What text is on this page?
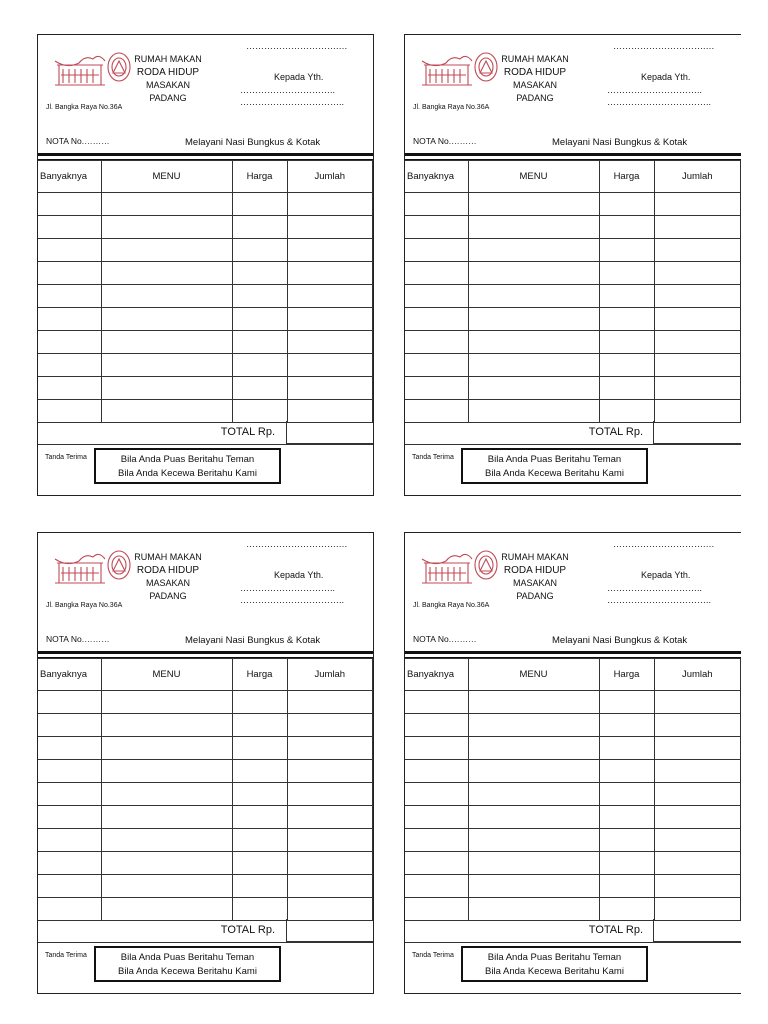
RUMAH MAKAN
RODA HIDUP
MASAKAN PADANG
………………………….…
Kepada Yth.
…………………………..
……………………………..
Jl. Bangka Raya No.36A
NOTA No.………	Melayani Nasi Bungkus & Kotak
Banyaknya	MENU	Harga	Jumlah

TOTAL Rp.
Tanda Terima	Bila Anda Puas Beritahu Teman
Bila Anda Kecewa Beritahu Kami
RUMAH MAKAN
RODA HIDUP
MASAKAN PADANG
………………………….…
Kepada Yth.
…………………………..
……………………………..
Jl. Bangka Raya No.36A
NOTA No.………	Melayani Nasi Bungkus & Kotak
Banyaknya	MENU	Harga	Jumlah

TOTAL Rp.
Tanda Terima	Bila Anda Puas Beritahu Teman
Bila Anda Kecewa Beritahu Kami
RUMAH MAKAN
RODA HIDUP
MASAKAN PADANG
………………………….…
Kepada Yth.
…………………………..
……………………………..
Jl. Bangka Raya No.36A
NOTA No.………	Melayani Nasi Bungkus & Kotak
Banyaknya	MENU	Harga	Jumlah

TOTAL Rp.
Tanda Terima	Bila Anda Puas Beritahu Teman
Bila Anda Kecewa Beritahu Kami
RUMAH MAKAN
RODA HIDUP
MASAKAN PADANG
………………………….…
Kepada Yth.
…………………………..
……………………………..
Jl. Bangka Raya No.36A
NOTA No.………	Melayani Nasi Bungkus & Kotak
Banyaknya	MENU	Harga	Jumlah

TOTAL Rp.
Tanda Terima	Bila Anda Puas Beritahu Teman
Bila Anda Kecewa Beritahu Kami
